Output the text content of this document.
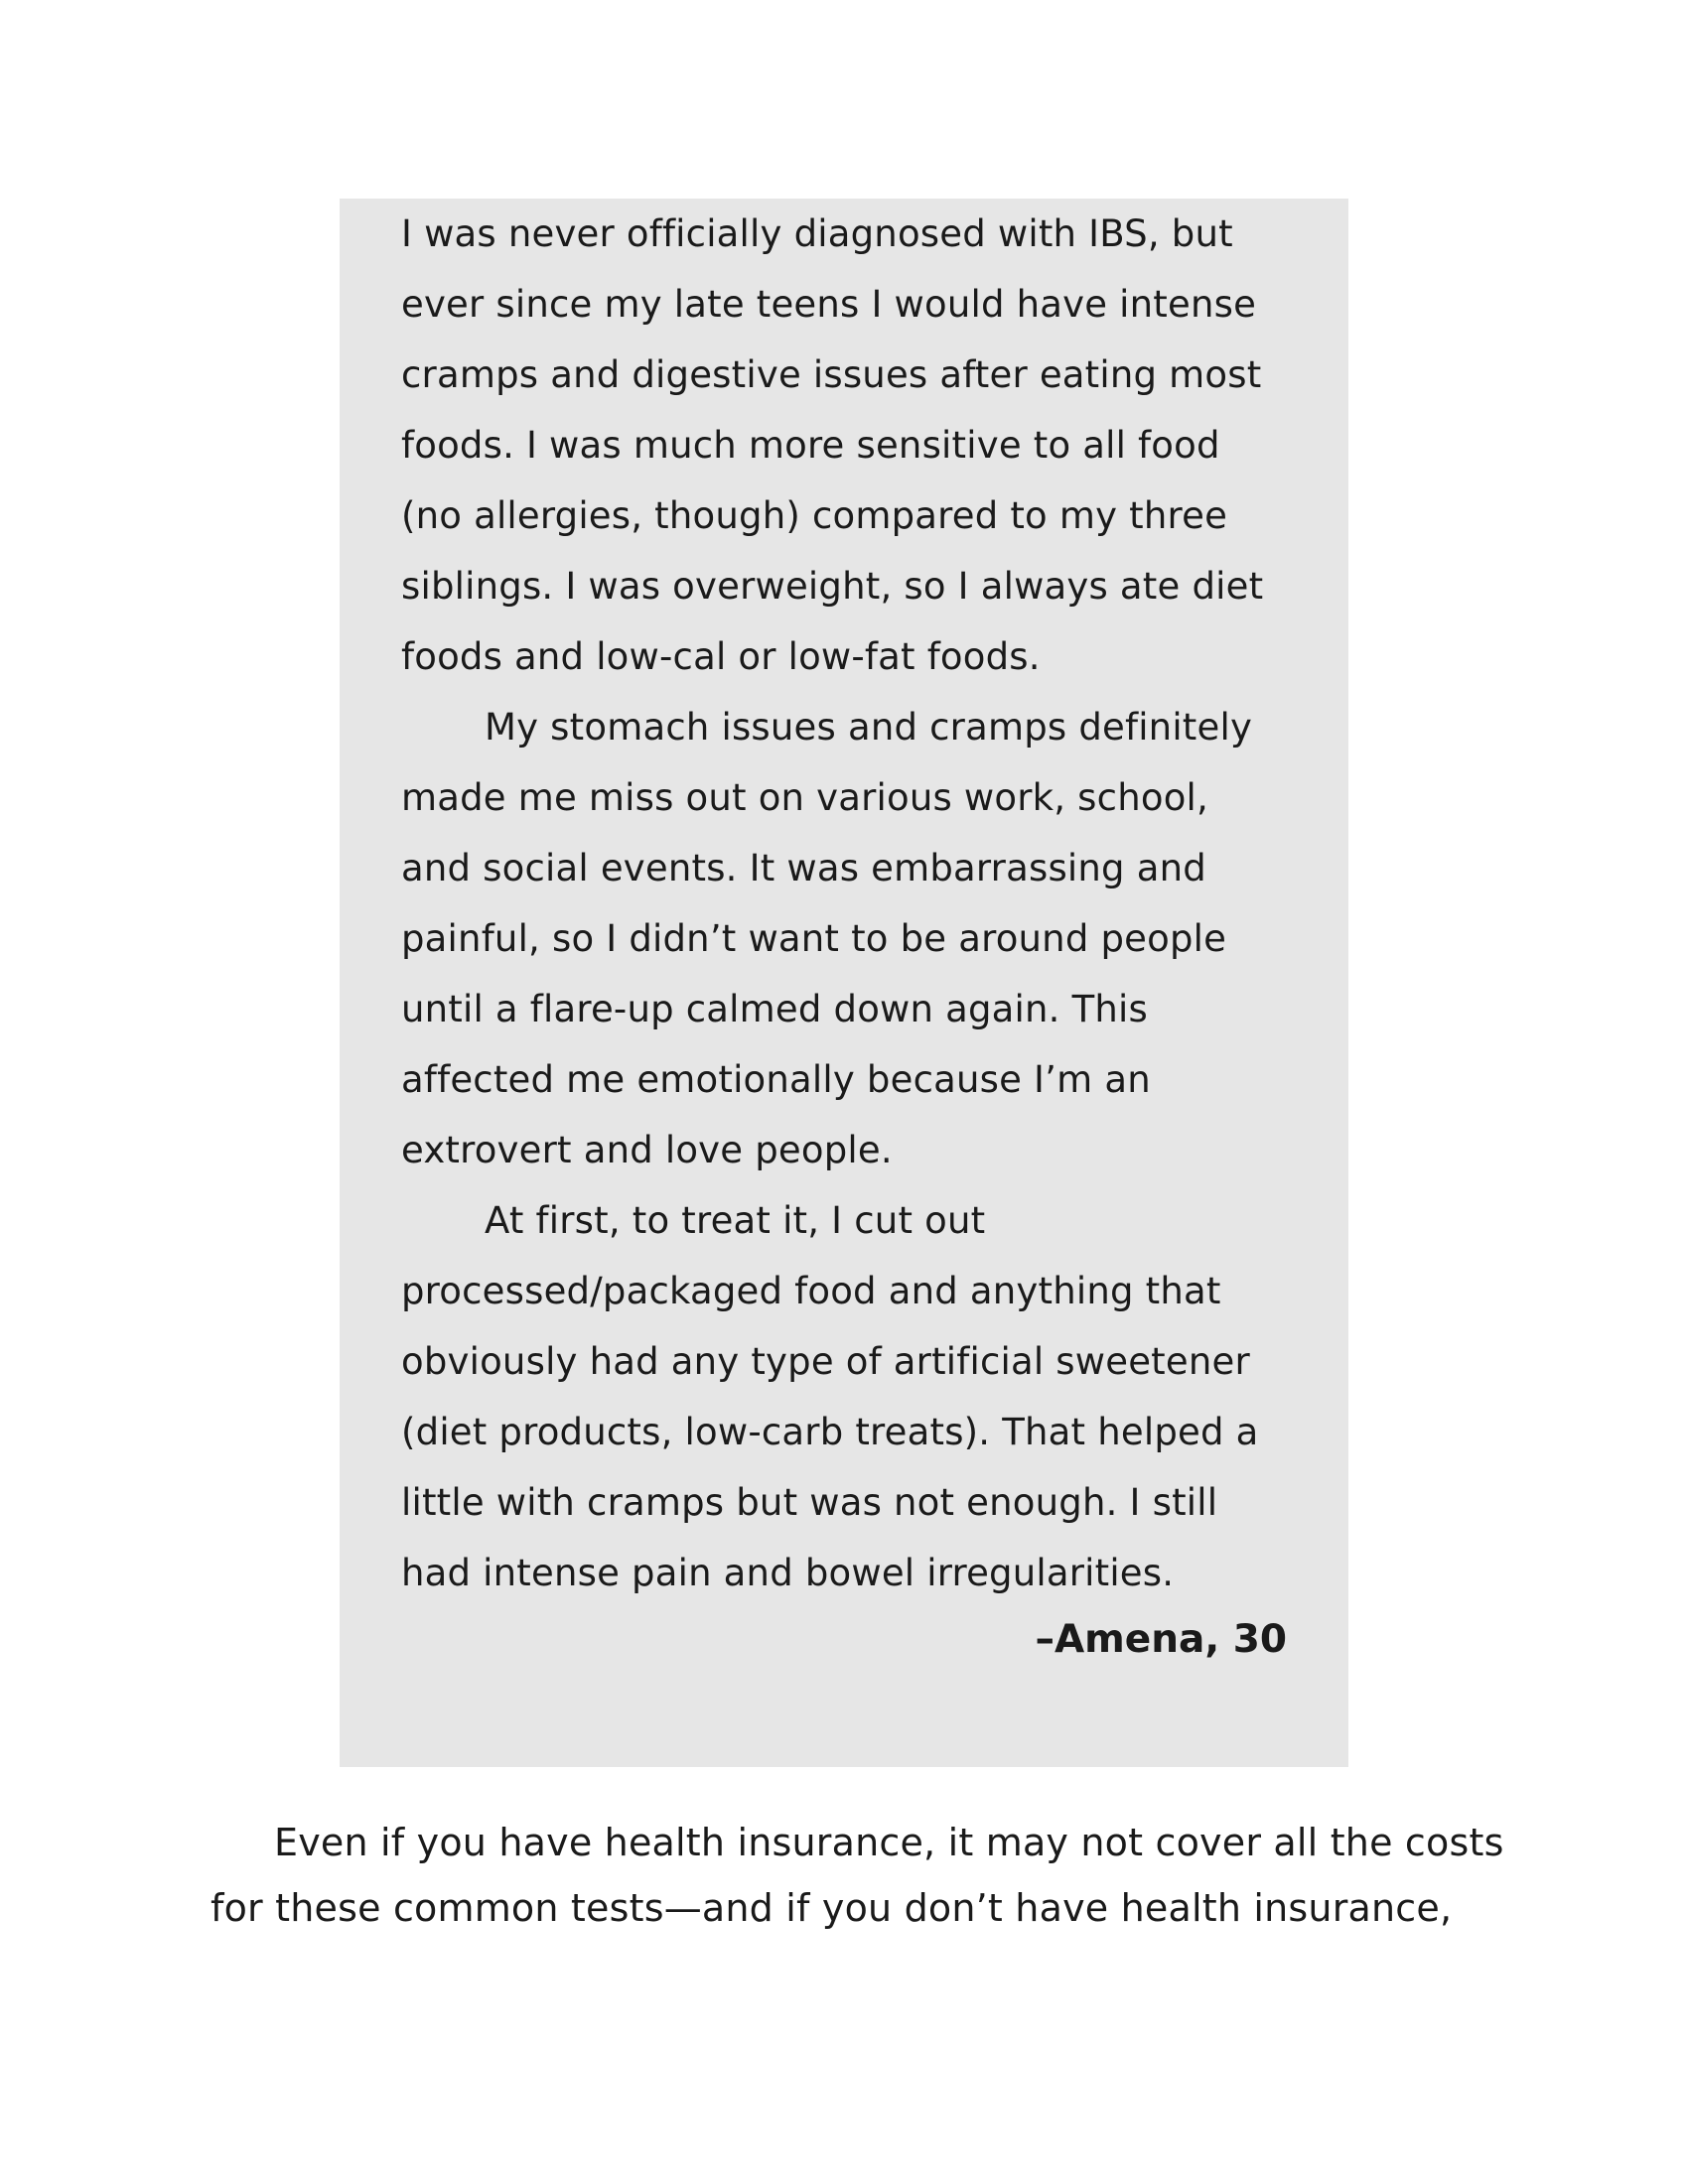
I was never officially diagnosed with IBS, but
ever since my late teens I would have intense
cramps and digestive issues after eating most
foods. I was much more sensitive to all food
(no allergies, though) compared to my three
siblings. I was overweight, so I always ate diet
foods and low-cal or low-fat foods.
My stomach issues and cramps definitely
made me miss out on various work, school,
and social events. It was embarrassing and
painful, so I didn’t want to be around people
until a flare-up calmed down again. This
affected me emotionally because I’m an
extrovert and love people.
At first, to treat it, I cut out
processed/packaged food and anything that
obviously had any type of artificial sweetener
(diet products, low-carb treats). That helped a
little with cramps but was not enough. I still
had intense pain and bowel irregularities.
–Amena, 30
Even if you have health insurance, it may not cover all the costs
for these common tests—and if you don’t have health insurance,
